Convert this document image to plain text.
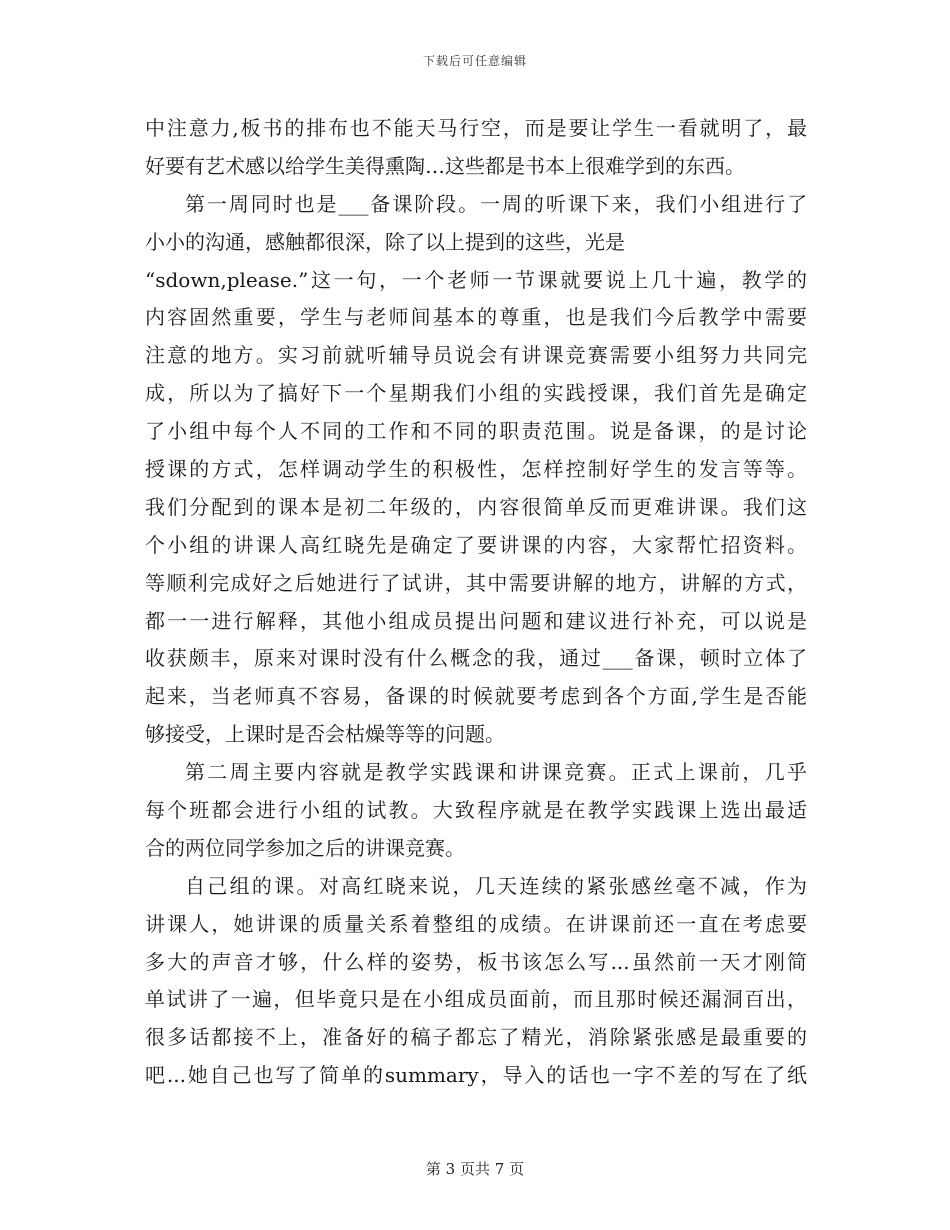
下载后可任意编辑
中注意力,板书的排布也不能天马行空，而是要让学生一看就明了，最
好要有艺术感以给学生美得熏陶…这些都是书本上很难学到的东西。
第一周同时也是___备课阶段。一周的听课下来，我们小组进行了
小小的沟通，感触都很深，除了以上提到的这些，光是
“sdown,please.”这一句，一个老师一节课就要说上几十遍，教学的
内容固然重要，学生与老师间基本的尊重，也是我们今后教学中需要
注意的地方。实习前就听辅导员说会有讲课竞赛需要小组努力共同完
成，所以为了搞好下一个星期我们小组的实践授课，我们首先是确定
了小组中每个人不同的工作和不同的职责范围。说是备课，的是讨论
授课的方式，怎样调动学生的积极性，怎样控制好学生的发言等等。
我们分配到的课本是初二年级的，内容很简单反而更难讲课。我们这
个小组的讲课人高红晓先是确定了要讲课的内容，大家帮忙招资料。
等顺利完成好之后她进行了试讲，其中需要讲解的地方，讲解的方式，
都一一进行解释，其他小组成员提出问题和建议进行补充，可以说是
收获颇丰，原来对课时没有什么概念的我，通过___备课，顿时立体了
起来，当老师真不容易，备课的时候就要考虑到各个方面,学生是否能
够接受，上课时是否会枯燥等等的问题。
第二周主要内容就是教学实践课和讲课竞赛。正式上课前，几乎
每个班都会进行小组的试教。大致程序就是在教学实践课上选出最适
合的两位同学参加之后的讲课竞赛。
自己组的课。对高红晓来说，几天连续的紧张感丝毫不减，作为
讲课人，她讲课的质量关系着整组的成绩。在讲课前还一直在考虑要
多大的声音才够，什么样的姿势，板书该怎么写...虽然前一天才刚简
单试讲了一遍，但毕竟只是在小组成员面前，而且那时候还漏洞百出，
很多话都接不上，准备好的稿子都忘了精光，消除紧张感是最重要的
吧...她自己也写了简单的summary，导入的话也一字不差的写在了纸
第 3 页共 7 页
